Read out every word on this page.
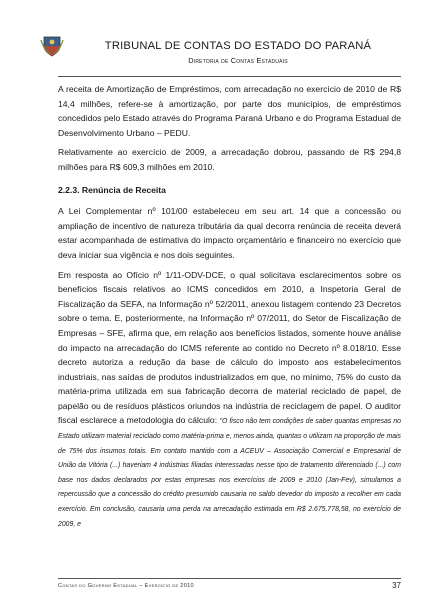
TRIBUNAL DE CONTAS DO ESTADO DO PARANÁ
Diretoria de Contas Estaduais

A receita de Amortização de Empréstimos, com arrecadação no exercício de 2010 de R$ 14,4 milhões, refere-se à amortização, por parte dos municípios, de empréstimos concedidos pelo Estado através do Programa Paraná Urbano e do Programa Estadual de Desenvolvimento Urbano – PEDU.

Relativamente ao exercício de 2009, a arrecadação dobrou, passando de R$ 294,8 milhões para R$ 609,3 milhões em 2010.

2.2.3. Renúncia de Receita

A Lei Complementar nº 101/00 estabeleceu em seu art. 14 que a concessão ou ampliação de incentivo de natureza tributária da qual decorra renúncia de receita deverá estar acompanhada de estimativa do impacto orçamentário e financeiro no exercício que deva iniciar sua vigência e nos dois seguintes.

Em resposta ao Ofício nº 1/11-ODV-DCE, o qual solicitava esclarecimentos sobre os benefícios fiscais relativos ao ICMS concedidos em 2010, a Inspetoria Geral de Fiscalização da SEFA, na Informação nº 52/2011, anexou listagem contendo 23 Decretos sobre o tema. E, posteriormente, na Informação nº 07/2011, do Setor de Fiscalização de Empresas – SFE, afirma que, em relação aos benefícios listados, somente houve análise do impacto na arrecadação do ICMS referente ao contido no Decreto nº 8.018/10. Esse decreto autoriza a redução da base de cálculo do imposto aos estabelecimentos industriais, nas saídas de produtos industrializados em que, no mínimo, 75% do custo da matéria-prima utilizada em sua fabricação decorra de material reciclado de papel, de papelão ou de resíduos plásticos oriundos na indústria de reciclagem de papel. O auditor fiscal esclarece a metodologia do cálculo: "O fisco não tem condições de saber quantas empresas no Estado utilizam material reciclado como matéria-prima e, menos ainda, quantas o utilizam na proporção de mais de 75% dos insumos totais. Em contato mantido com a ACEUV – Associação Comercial e Empresarial de União da Vitória (...) haveriam 4 indústrias filiadas interessadas nesse tipo de tratamento diferenciado (...) com base nos dados declarados por estas empresas nos exercícios de 2009 e 2010 (Jan-Fev), simulamos a repercussão que a concessão do crédito presumido causaria no saldo devedor do imposto a recolher em cada exercício. Em conclusão, causaria uma perda na arrecadação estimada em R$ 2.675.778,58, no exercício de 2009, e

Contas do Governo Estadual – Exercício de 2010	37
